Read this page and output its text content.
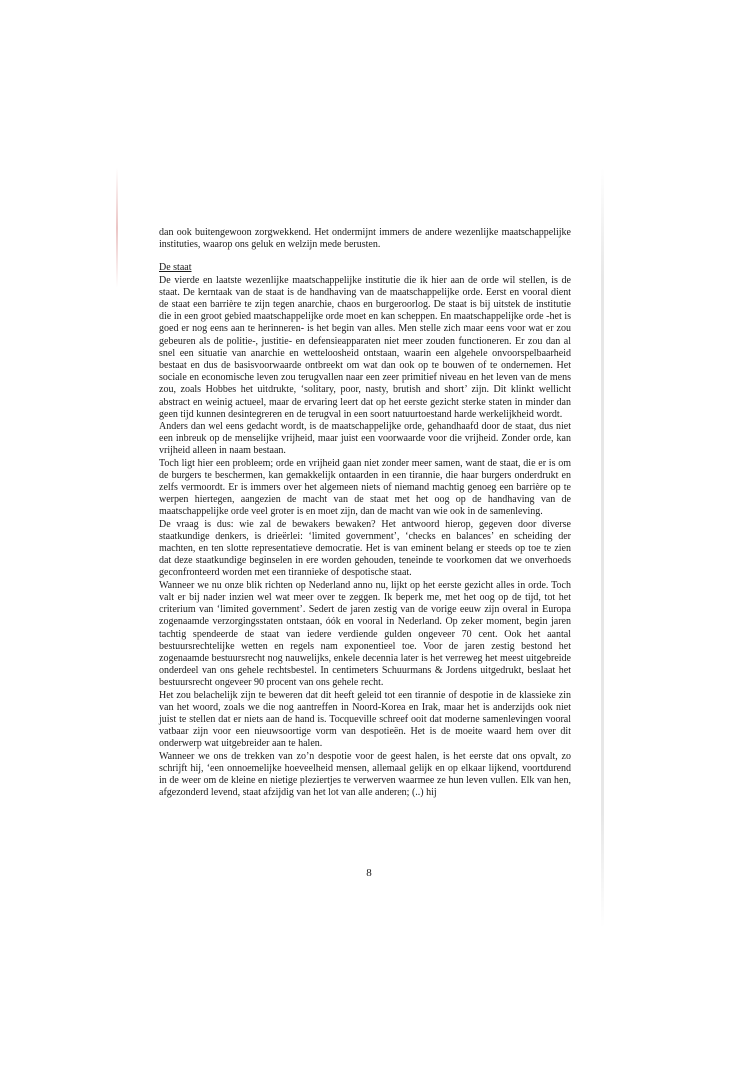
dan ook buitengewoon zorgwekkend. Het ondermijnt immers de andere wezenlijke maatschappelijke instituties, waarop ons geluk en welzijn mede berusten.

De staat

De vierde en laatste wezenlijke maatschappelijke institutie die ik hier aan de orde wil stellen, is de staat. De kerntaak van de staat is de handhaving van de maatschappelijke orde. Eerst en vooral dient de staat een barrière te zijn tegen anarchie, chaos en burgeroorlog. De staat is bij uitstek de institutie die in een groot gebied maatschappelijke orde moet en kan scheppen. En maatschappelijke orde -het is goed er nog eens aan te herinneren- is het begin van alles. Men stelle zich maar eens voor wat er zou gebeuren als de politie-, justitie- en defensieapparaten niet meer zouden functioneren. Er zou dan al snel een situatie van anarchie en wetteloosheid ontstaan, waarin een algehele onvoorspelbaarheid bestaat en dus de basisvoorwaarde ontbreekt om wat dan ook op te bouwen of te ondernemen. Het sociale en economische leven zou terugvallen naar een zeer primitief niveau en het leven van de mens zou, zoals Hobbes het uitdrukte, ‘solitary, poor, nasty, brutish and short’ zijn. Dit klinkt wellicht abstract en weinig actueel, maar de ervaring leert dat op het eerste gezicht sterke staten in minder dan geen tijd kunnen desintegreren en de terugval in een soort natuurtoestand harde werkelijkheid wordt.

Anders dan wel eens gedacht wordt, is de maatschappelijke orde, gehandhaafd door de staat, dus niet een inbreuk op de menselijke vrijheid, maar juist een voorwaarde voor die vrijheid. Zonder orde, kan vrijheid alleen in naam bestaan.

Toch ligt hier een probleem; orde en vrijheid gaan niet zonder meer samen, want de staat, die er is om de burgers te beschermen, kan gemakkelijk ontaarden in een tirannie, die haar burgers onderdrukt en zelfs vermoordt. Er is immers over het algemeen niets of niemand machtig genoeg een barrière op te werpen hiertegen, aangezien de macht van de staat met het oog op de handhaving van de maatschappelijke orde veel groter is en moet zijn, dan de macht van wie ook in de samenleving.

De vraag is dus: wie zal de bewakers bewaken? Het antwoord hierop, gegeven door diverse staatkundige denkers, is drieërlei: ‘limited government’, ‘checks en balances’ en scheiding der machten, en ten slotte representatieve democratie. Het is van eminent belang er steeds op toe te zien dat deze staatkundige beginselen in ere worden gehouden, teneinde te voorkomen dat we onverhoeds geconfronteerd worden met een tirannieke of despotische staat.

Wanneer we nu onze blik richten op Nederland anno nu, lijkt op het eerste gezicht alles in orde. Toch valt er bij nader inzien wel wat meer over te zeggen. Ik beperk me, met het oog op de tijd, tot het criterium van ‘limited government’. Sedert de jaren zestig van de vorige eeuw zijn overal in Europa zogenaamde verzorgingsstaten ontstaan, óók en vooral in Nederland. Op zeker moment, begin jaren tachtig spendeerde de staat van iedere verdiende gulden ongeveer 70 cent. Ook het aantal bestuursrechtelijke wetten en regels nam exponentieel toe. Voor de jaren zestig bestond het zogenaamde bestuursrecht nog nauwelijks, enkele decennia later is het verreweg het meest uitgebreide onderdeel van ons gehele rechtsbestel. In centimeters Schuurmans & Jordens uitgedrukt, beslaat het bestuursrecht ongeveer 90 procent van ons gehele recht.

Het zou belachelijk zijn te beweren dat dit heeft geleid tot een tirannie of despotie in de klassieke zin van het woord, zoals we die nog aantreffen in Noord-Korea en Irak, maar het is anderzijds ook niet juist te stellen dat er niets aan de hand is. Tocqueville schreef ooit dat moderne samenlevingen vooral vatbaar zijn voor een nieuwsoortige vorm van despotieën. Het is de moeite waard hem over dit onderwerp wat uitgebreider aan te halen.

Wanneer we ons de trekken van zo’n despotie voor de geest halen, is het eerste dat ons opvalt, zo schrijft hij, ‘een onnoemelijke hoeveelheid mensen, allemaal gelijk en op elkaar lijkend, voortdurend in de weer om de kleine en nietige pleziertjes te verwerven waarmee ze hun leven vullen. Elk van hen, afgezonderd levend, staat afzijdig van het lot van alle anderen; (..) hij

8
